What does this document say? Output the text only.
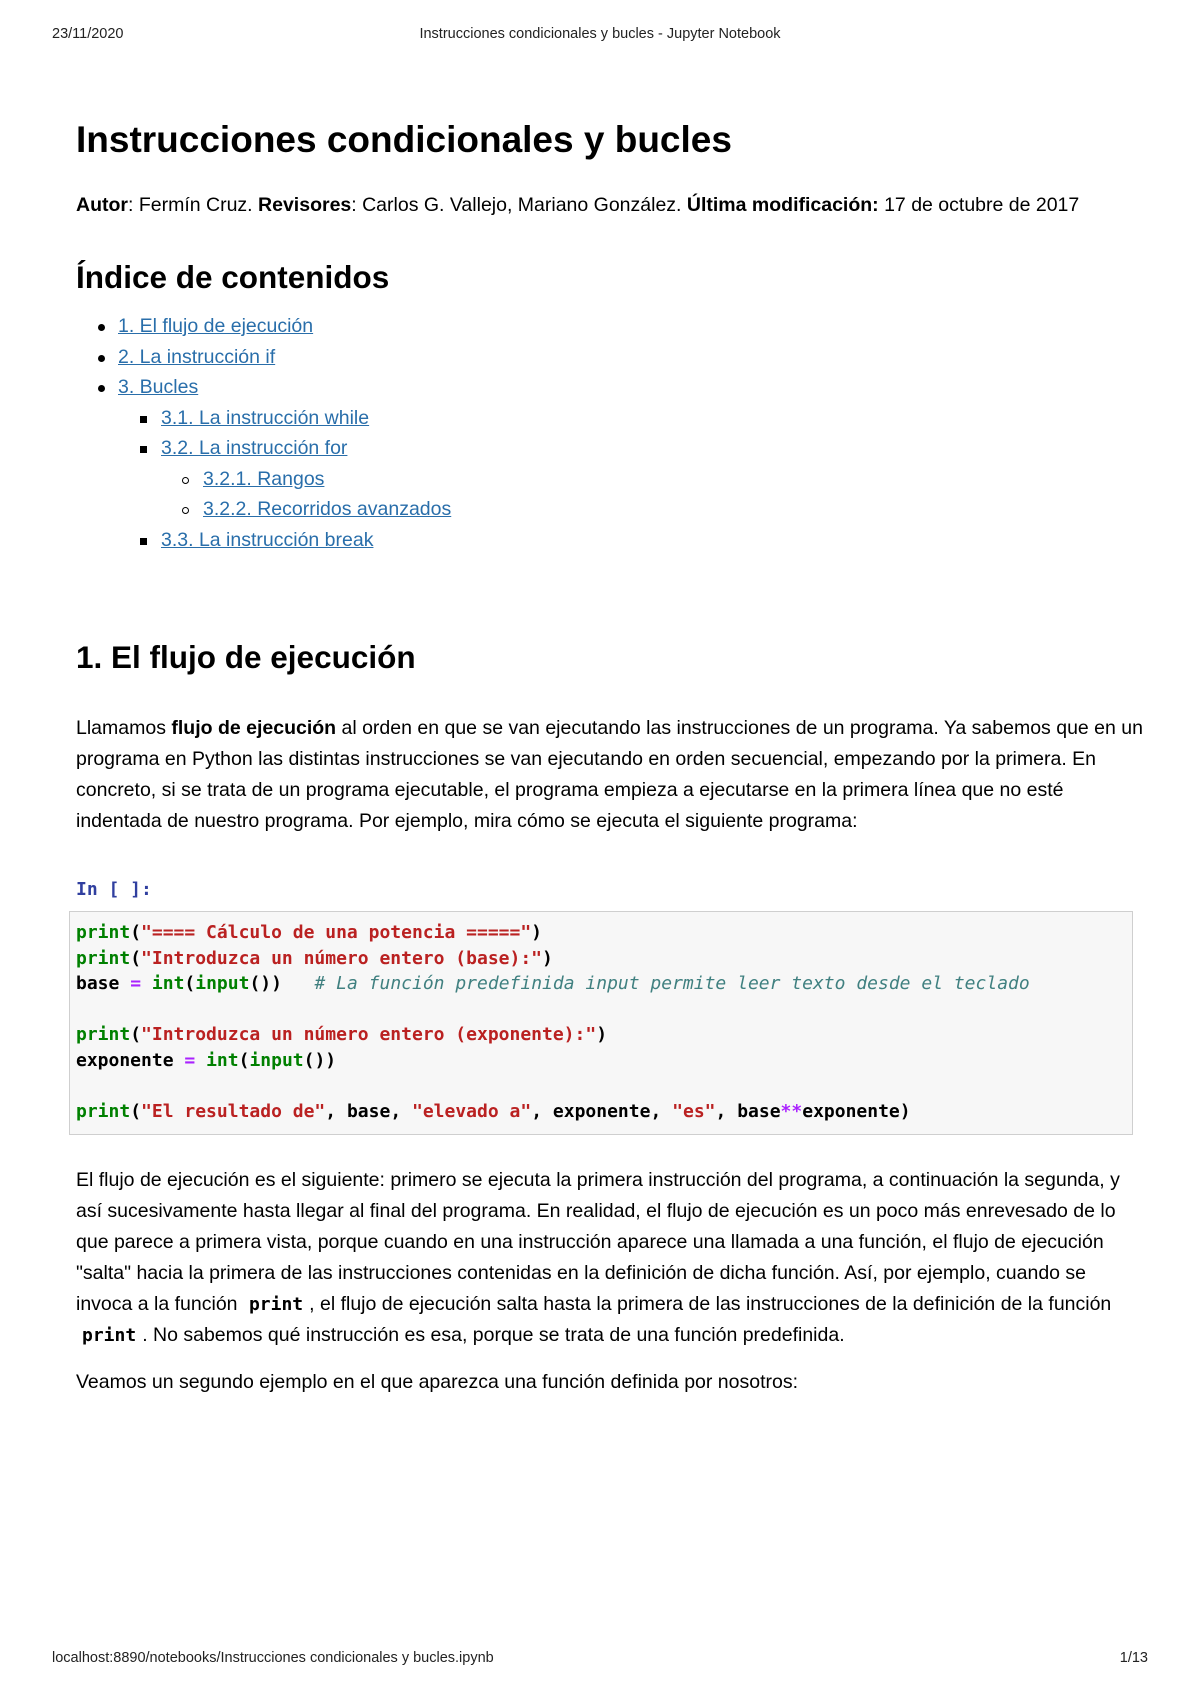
23/11/2020	Instrucciones condicionales y bucles - Jupyter Notebook
Instrucciones condicionales y bucles

Autor: Fermín Cruz. Revisores: Carlos G. Vallejo, Mariano González. Última modificación: 17 de octubre de 2017

Índice de contenidos
1. El flujo de ejecución
2. La instrucción if
3. Bucles
3.1. La instrucción while
3.2. La instrucción for
3.2.1. Rangos
3.2.2. Recorridos avanzados
3.3. La instrucción break
1. El flujo de ejecución

Llamamos flujo de ejecución al orden en que se van ejecutando las instrucciones de un programa. Ya sabemos que en un programa en Python las distintas instrucciones se van ejecutando en orden secuencial, empezando por la primera. En concreto, si se trata de un programa ejecutable, el programa empieza a ejecutarse en la primera línea que no esté indentada de nuestro programa. Por ejemplo, mira cómo se ejecuta el siguiente programa:

In [ ]:
print("==== Cálculo de una potencia =====")
print("Introduzca un número entero (base):")
base = int(input()) # La función predefinida input permite leer texto desde el teclado

print("Introduzca un número entero (exponente):")
exponente = int(input())

print("El resultado de", base, "elevado a", exponente, "es", base**exponente)

El flujo de ejecución es el siguiente: primero se ejecuta la primera instrucción del programa, a continuación la segunda, y así sucesivamente hasta llegar al final del programa. En realidad, el flujo de ejecución es un poco más enrevesado de lo que parece a primera vista, porque cuando en una instrucción aparece una llamada a una función, el flujo de ejecución "salta" hacia la primera de las instrucciones contenidas en la definición de dicha función. Así, por ejemplo, cuando se invoca a la función print , el flujo de ejecución salta hasta la primera de las instrucciones de la definición de la función print . No sabemos qué instrucción es esa, porque se trata de una función predefinida.

Veamos un segundo ejemplo en el que aparezca una función definida por nosotros:

localhost:8890/notebooks/Instrucciones condicionales y bucles.ipynb	1/13
